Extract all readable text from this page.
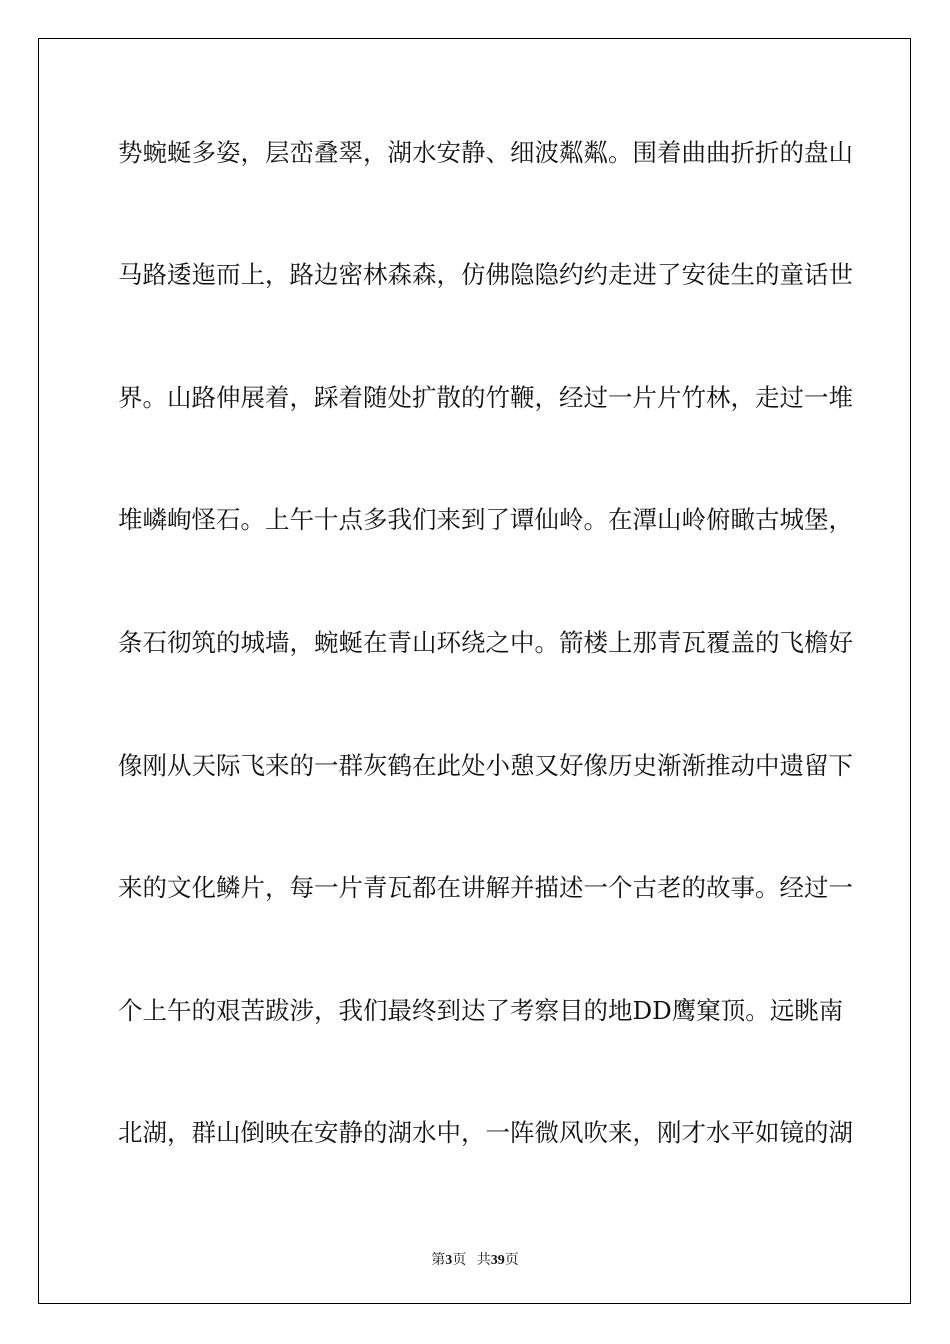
势蜿蜒多姿，层峦叠翠，湖水安静、细波粼粼。围着曲曲折折的盘山
马路逶迤而上，路边密林森森，仿佛隐隐约约走进了安徒生的童话世
界。山路伸展着，踩着随处扩散的竹鞭，经过一片片竹林，走过一堆
堆嶙峋怪石。上午十点多我们来到了谭仙岭。在潭山岭俯瞰古城堡，
条石彻筑的城墙，蜿蜒在青山环绕之中。箭楼上那青瓦覆盖的飞檐好
像刚从天际飞来的一群灰鹤在此处小憩又好像历史渐渐推动中遗留下
来的文化鳞片，每一片青瓦都在讲解并描述一个古老的故事。经过一
个上午的艰苦跋涉，我们最终到达了考察目的地DD鹰窠顶。远眺南
北湖，群山倒映在安静的湖水中，一阵微风吹来，刚才水平如镜的湖
第3页 共39页
